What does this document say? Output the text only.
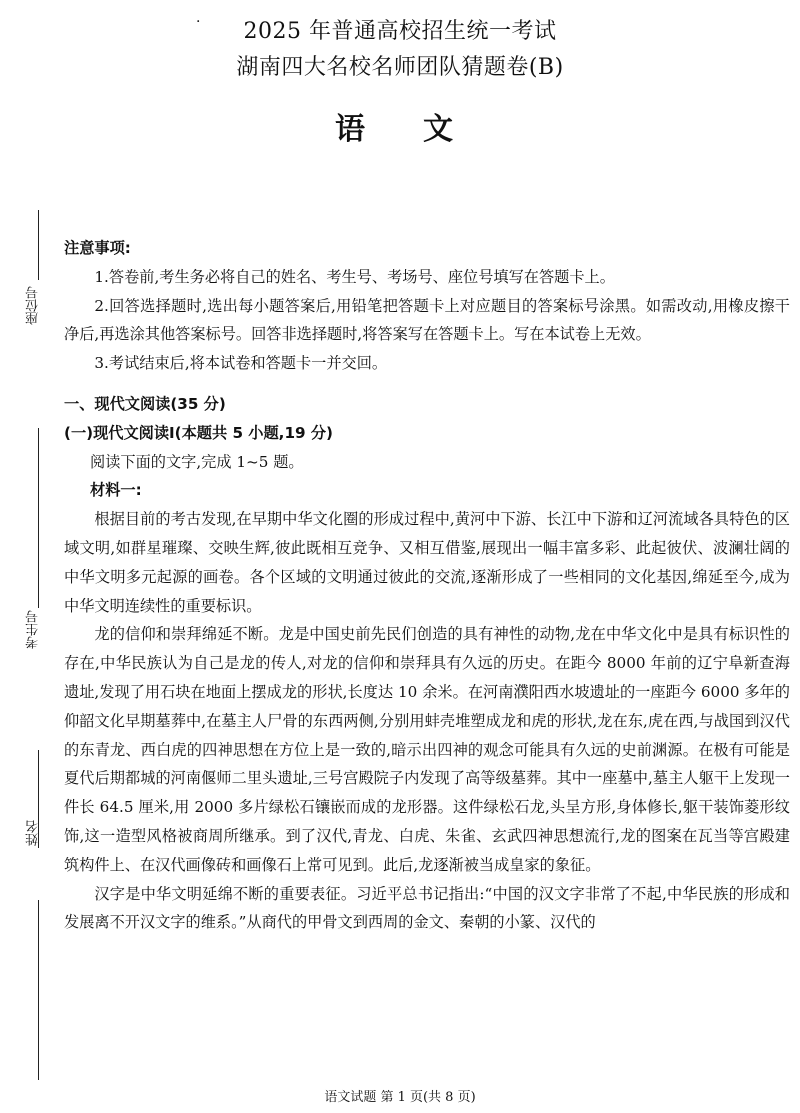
·	2025 年普通高校招生统一考试
湖南四大名校名师团队猜题卷(B)
语文
座位号
考生号
姓名
注意事项:

1.答卷前,考生务必将自己的姓名、考生号、考场号、座位号填写在答题卡上。

2.回答选择题时,选出每小题答案后,用铅笔把答题卡上对应题目的答案标号涂黑。如需改动,用橡皮擦干净后,再选涂其他答案标号。回答非选择题时,将答案写在答题卡上。写在本试卷上无效。

3.考试结束后,将本试卷和答题卡一并交回。

一、现代文阅读(35 分)
(一)现代文阅读Ⅰ(本题共 5 小题,19 分)
阅读下面的文字,完成 1~5 题。
材料一:

根据目前的考古发现,在早期中华文化圈的形成过程中,黄河中下游、长江中下游和辽河流域各具特色的区域文明,如群星璀璨、交映生辉,彼此既相互竞争、又相互借鉴,展现出一幅丰富多彩、此起彼伏、波澜壮阔的中华文明多元起源的画卷。各个区域的文明通过彼此的交流,逐渐形成了一些相同的文化基因,绵延至今,成为中华文明连续性的重要标识。

龙的信仰和崇拜绵延不断。龙是中国史前先民们创造的具有神性的动物,龙在中华文化中是具有标识性的存在,中华民族认为自己是龙的传人,对龙的信仰和崇拜具有久远的历史。在距今 8000 年前的辽宁阜新查海遗址,发现了用石块在地面上摆成龙的形状,长度达 10 余米。在河南濮阳西水坡遗址的一座距今 6000 多年的仰韶文化早期墓葬中,在墓主人尸骨的东西两侧,分别用蚌壳堆塑成龙和虎的形状,龙在东,虎在西,与战国到汉代的东青龙、西白虎的四神思想在方位上是一致的,暗示出四神的观念可能具有久远的史前渊源。在极有可能是夏代后期都城的河南偃师二里头遗址,三号宫殿院子内发现了高等级墓葬。其中一座墓中,墓主人躯干上发现一件长 64.5 厘米,用 2000 多片绿松石镶嵌而成的龙形器。这件绿松石龙,头呈方形,身体修长,躯干装饰菱形纹饰,这一造型风格被商周所继承。到了汉代,青龙、白虎、朱雀、玄武四神思想流行,龙的图案在瓦当等宫殿建筑构件上、在汉代画像砖和画像石上常可见到。此后,龙逐渐被当成皇家的象征。

汉字是中华文明延绵不断的重要表征。习近平总书记指出:“中国的汉文字非常了不起,中华民族的形成和发展离不开汉文字的维系。”从商代的甲骨文到西周的金文、秦朝的小篆、汉代的

语文试题 第 1 页(共 8 页)
